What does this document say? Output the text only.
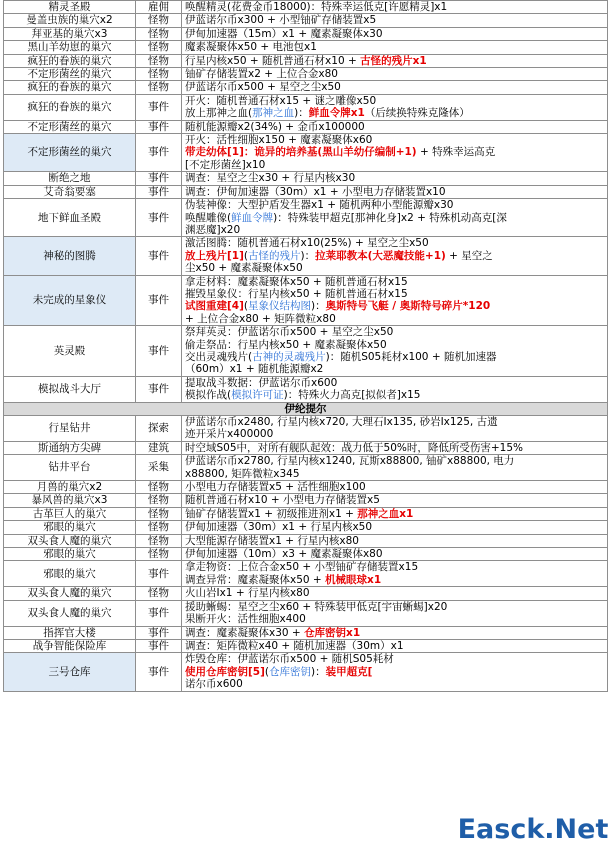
精灵圣殿	雇佣	唤醒精灵(花费金币18000)：特殊幸运低克[许愿精灵]x1

曼盖虫族的巢穴x2	怪物	伊蓝诺尔币x300 + 小型铀矿存储装置x5

拜亚基的巢穴x3	怪物	伊甸加速器（15m）x1 + 魔素凝聚体x30

黑山羊幼崽的巢穴	怪物	魔素凝聚体x50 + 电池包x1

疯狂的眷族的巢穴	怪物	行星内核x50 + 随机普通石材x10 + 古怪的残片x1

不定形菌丝的巢穴	怪物	铀矿存储装置x2 + 上位合金x80

疯狂的眷族的巢穴	怪物	伊蓝诺尔币x500 + 星空之尘x50

疯狂的眷族的巢穴	事件	开火：随机普通石材x15 + 谜之雕像x50
放上那神之血(那神之血)：鲜血令牌x1（后续换特殊克隆体）

不定形菌丝的巢穴	事件	随机能源瓣x2(34%) + 金币x100000

不定形菌丝的巢穴	事件	开火：活性细胞x150 + 魔素凝聚体x60
带走幼体[1]：诡异的培养基(黑山羊幼仔编制+1) + 特殊幸运高克
[不定形菌丝]x10

断绝之地	事件	调查：星空之尘x30 + 行星内核x30

艾奇翁要塞	事件	调查：伊甸加速器（30m）x1 + 小型电力存储装置x10

地下鲜血圣殿	事件	伪装神像：大型护盾发生器x1 + 随机两种小型能源瓣x30
唤醒雕像(鲜血令牌)：特殊装甲超克[那神化身]x2 + 特殊机动高克[深
渊恶魔]x20

神秘的图腾	事件	激活图腾：随机普通石材x10(25%) + 星空之尘x50
放上残片[1](古怪的残片)：拉莱耶教本(大恶魔技能+1) + 星空之
尘x50 + 魔素凝聚体x50

未完成的星象仪	事件	拿走材料：魔素凝聚体x50 + 随机普通石材x15
摧毁星象仪：行星内核x50 + 随机普通石材x15
试图重建[4](星象仪结构图)：奥斯特号飞艇 / 奥斯特号碎片*120
+ 上位合金x80 + 矩阵微粒x80

英灵殿	事件	祭拜英灵：伊蓝诺尔币x500 + 星空之尘x50
偷走祭品：行星内核x50 + 魔素凝聚体x50
交出灵魂残片(古神的灵魂残片)：随机S05耗材x100 + 随机加速器
（60m）x1 + 随机能源瓣x2

模拟战斗大厅	事件	提取战斗数据：伊蓝诺尔币x600
模拟作战(模拟许可证)：特殊火力高克[拟似者]x15

伊纶提尔		
行星钻井	探索	伊蓝诺尔币x2480, 行星内核x720, 大理石Ⅰx135, 砂岩Ⅰx125, 古遗
迹开采片x400000

斯通纳方尖碑	建筑	时空域S05中，对所有舰队起效：战力低于50%时，降低所受伤害+15%

钻井平台	采集	伊蓝诺尔币x2780, 行星内核x1240, 瓦斯x88800, 铀矿x88800, 电力
x88800, 矩阵微粒x345

月兽的巢穴x2	怪物	小型电力存储装置x5 + 活性细胞x100

暴风兽的巢穴x3	怪物	随机普通石材x10 + 小型电力存储装置x5

古革巨人的巢穴	怪物	铀矿存储装置x1 + 初级推进剂x1 + 那神之血x1

邪眼的巢穴	怪物	伊甸加速器（30m）x1 + 行星内核x50

双头食人魔的巢穴	怪物	大型能源存储装置x1 + 行星内核x80

邪眼的巢穴	怪物	伊甸加速器（10m）x3 + 魔素凝聚体x80

邪眼的巢穴	事件	拿走物资：上位合金x50 + 小型铀矿存储装置x15
调查异常：魔素凝聚体x50 + 机械眼球x1

双头食人魔的巢穴	怪物	火山岩Ⅰx1 + 行星内核x80

双头食人魔的巢穴	事件	援助蜥蜴：星空之尘x60 + 特殊装甲低克[宇宙蜥蜴]x20
果断开火：活性细胞x400

指挥官大楼	事件	调查：魔素凝聚体x30 + 仓库密钥x1

战争智能保险库	事件	调查：矩阵微粒x40 + 随机加速器（30m）x1

三号仓库	事件	炸毁仓库：伊蓝诺尔币x500 + 随机S05耗材
使用仓库密钥[5](仓库密钥)：装甲超克[
诺尔币x600
Easck.Net
